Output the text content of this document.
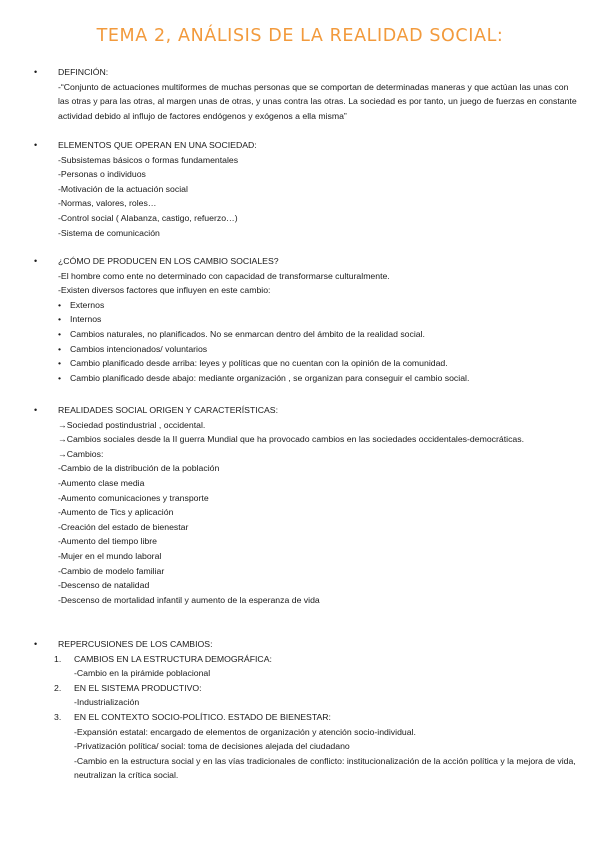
TEMA 2, ANÁLISIS DE LA REALIDAD SOCIAL:
• DEFINCIÓN:
-“Conjunto de actuaciones multiformes de muchas personas que se comportan de determinadas maneras y que actúan las unas con las otras y para las otras, al margen unas de otras, y unas contra las otras. La sociedad es por tanto, un juego de fuerzas en constante actividad debido al influjo de factores endógenos y exógenos a ella misma”
• ELEMENTOS QUE OPERAN EN UNA SOCIEDAD:
-Subsistemas básicos o formas fundamentales
-Personas o individuos
-Motivación de la actuación social
-Normas, valores, roles…
-Control social ( Alabanza, castigo, refuerzo…)
-Sistema de comunicación
• ¿CÓMO DE PRODUCEN EN LOS CAMBIO SOCIALES?
-El hombre como ente no determinado con capacidad de transformarse culturalmente.
-Existen diversos factores que influyen en este cambio:
• Externos
• Internos
• Cambios naturales, no planificados. No se enmarcan dentro del ámbito de la realidad social.
• Cambios intencionados/ voluntarios
• Cambio planificado desde arriba: leyes y políticas que no cuentan con la opinión de la comunidad.
• Cambio planificado desde abajo: mediante organización , se organizan para conseguir el cambio social.
• REALIDADES SOCIAL ORIGEN Y CARACTERÍSTICAS:
→Sociedad postindustrial , occidental.
→Cambios sociales desde la II guerra Mundial que ha provocado cambios en las sociedades occidentales-democráticas.
→Cambios:
-Cambio de la distribución de la población
-Aumento clase media
-Aumento comunicaciones y transporte
-Aumento de Tics y aplicación
-Creación del estado de bienestar
-Aumento del tiempo libre
-Mujer en el mundo laboral
-Cambio de modelo familiar
-Descenso de natalidad
-Descenso de mortalidad infantil y aumento de la esperanza de vida
• REPERCUSIONES DE LOS CAMBIOS:
1. CAMBIOS EN LA ESTRUCTURA DEMOGRÁFICA:
-Cambio en la pirámide poblacional
2. EN EL SISTEMA PRODUCTIVO:
-Industrialización
3. EN EL CONTEXTO SOCIO-POLÍTICO. ESTADO DE BIENESTAR:
-Expansión estatal: encargado de elementos de organización y atención socio-individual.
-Privatización política/ social: toma de decisiones alejada del ciudadano
-Cambio en la estructura social y en las vías tradicionales de conflicto: institucionalización de la acción política y la mejora de vida, neutralizan la crítica social.
